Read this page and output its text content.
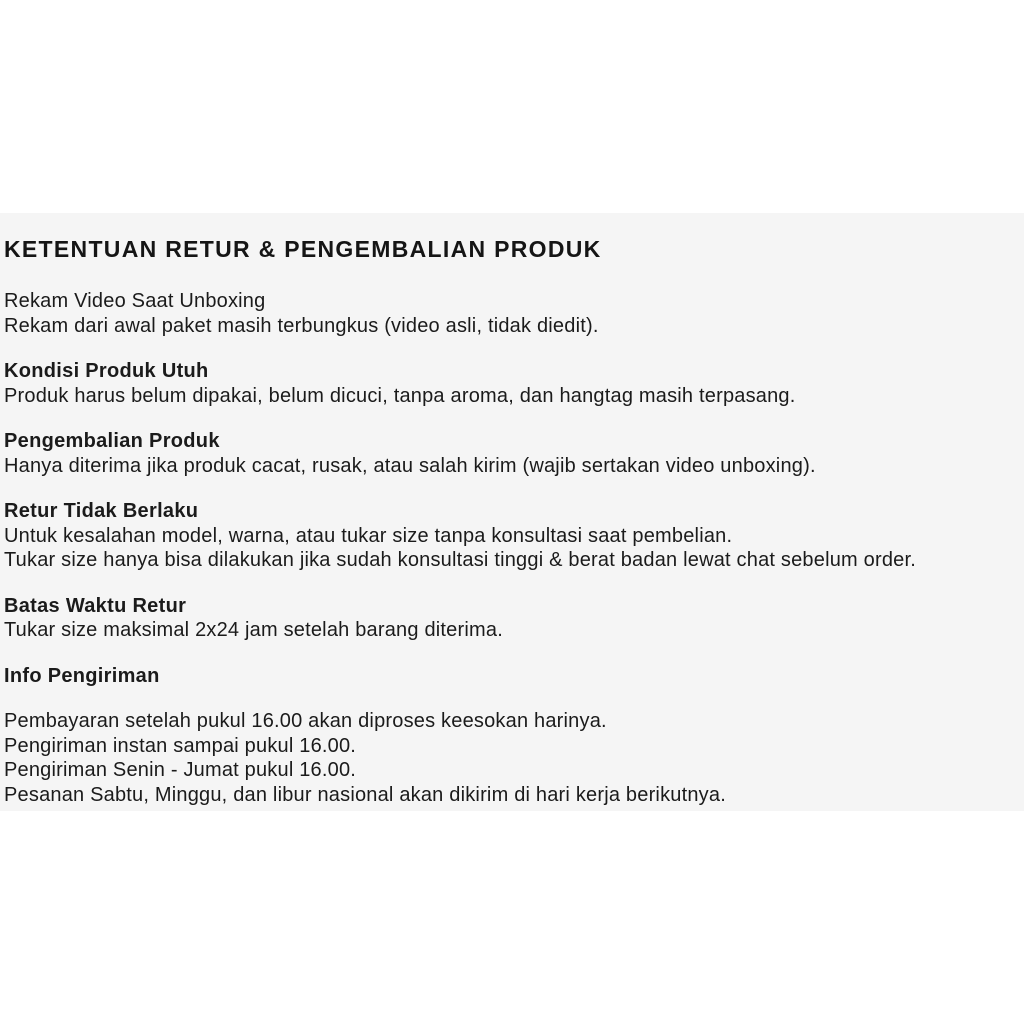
KETENTUAN RETUR & PENGEMBALIAN PRODUK
Rekam Video Saat Unboxing
Rekam dari awal paket masih terbungkus (video asli, tidak diedit).
Kondisi Produk Utuh
Produk harus belum dipakai, belum dicuci, tanpa aroma, dan hangtag masih terpasang.
Pengembalian Produk
Hanya diterima jika produk cacat, rusak, atau salah kirim (wajib sertakan video unboxing).
Retur Tidak Berlaku
Untuk kesalahan model, warna, atau tukar size tanpa konsultasi saat pembelian.
Tukar size hanya bisa dilakukan jika sudah konsultasi tinggi & berat badan lewat chat sebelum order.
Batas Waktu Retur
Tukar size maksimal 2x24 jam setelah barang diterima.
Info Pengiriman
Pembayaran setelah pukul 16.00 akan diproses keesokan harinya.
Pengiriman instan sampai pukul 16.00.
Pengiriman Senin - Jumat pukul 16.00.
Pesanan Sabtu, Minggu, dan libur nasional akan dikirim di hari kerja berikutnya.
